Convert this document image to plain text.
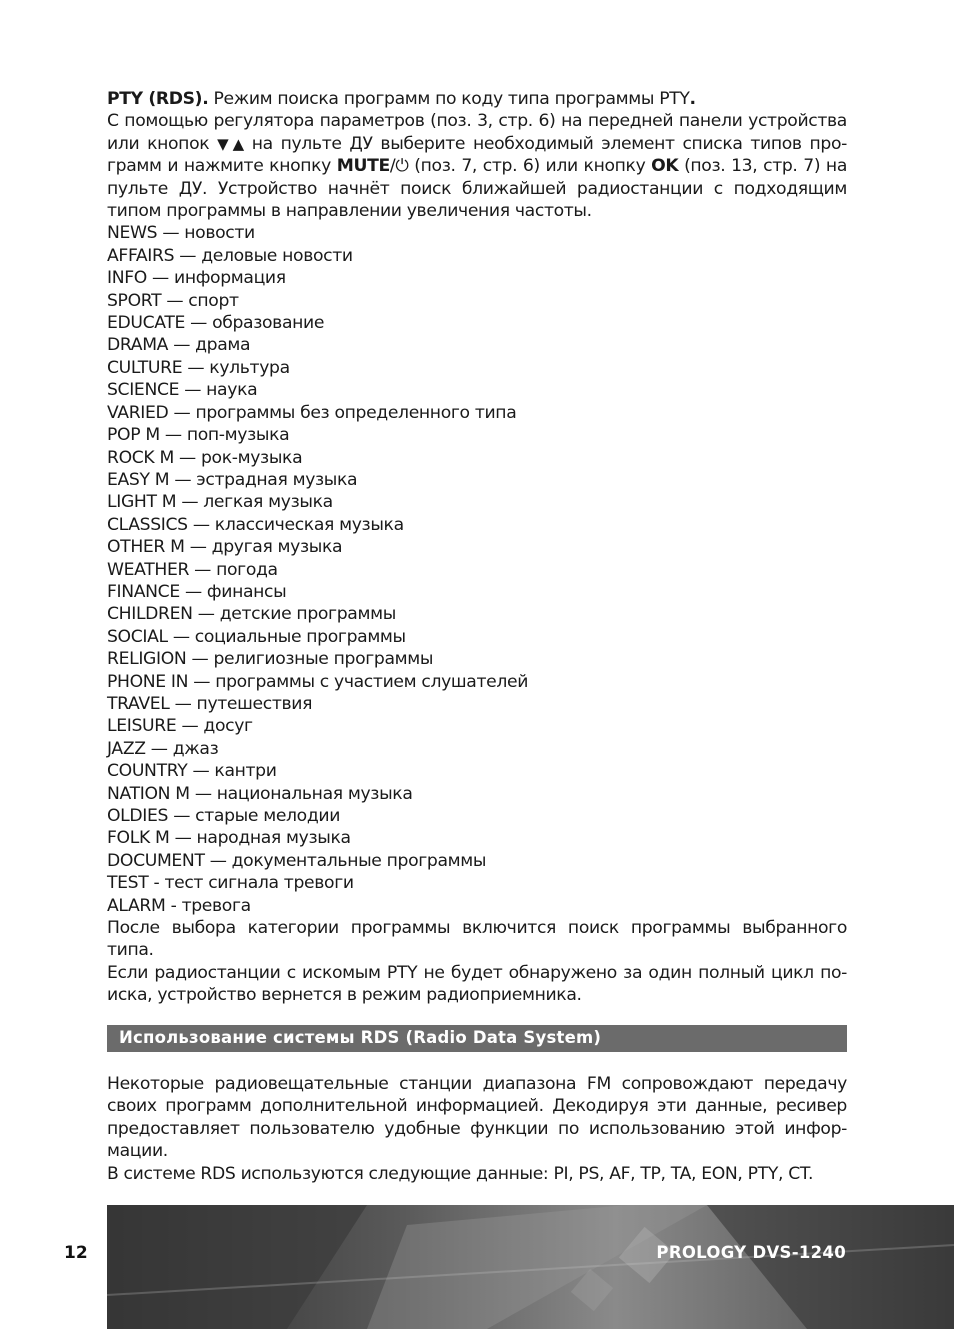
PTY (RDS). Режим поиска программ по коду типа программы PTY.
С помощью регулятора параметров (поз. 3, стр. 6) на передней панели устройства или кнопок ▼ ▲ на пульте ДУ выберите необходимый элемент списка типов про-грамм и нажмите кнопку MUTE/⏻ (поз. 7, стр. 6) или кнопку OK (поз. 13, стр. 7) на пульте ДУ. Устройство начнёт поиск ближайшей радиостанции с подходящим типом программы в направлении увеличения частоты.

NEWS — новости

AFFAIRS — деловые новости

INFO — информация

SPORT — спорт

EDUCATE — образование

DRAMA — драма

CULTURE — культура

SCIENCE — наука

VARIED — программы без определенного типа

POP M — поп-музыка

ROCK M — рок-музыка

EASY M — эстрадная музыка

LIGHT M — легкая музыка

CLASSICS — классическая музыка

OTHER M — другая музыка

WEATHER — погода

FINANCE — финансы

CHILDREN — детские программы

SOCIAL — социальные программы

RELIGION — религиозные программы

PHONE IN — программы с участием слушателей

TRAVEL — путешествия

LEISURE — досуг

JAZZ — джаз

COUNTRY — кантри

NATION M — национальная музыка

OLDIES — старые мелодии

FOLK M — народная музыка

DOCUMENT — документальные программы

TEST - тест сигнала тревоги

ALARM - тревога

После выбора категории программы включится поиск программы выбранного типа.

Если радиостанции с искомым PTY не будет обнаружено за один полный цикл по-иска, устройство вернется в режим радиоприемника.

Использование системы RDS (Radio Data System)

Некоторые радиовещательные станции диапазона FM сопровождают передачу своих программ дополнительной информацией. Декодируя эти данные, ресивер предоставляет пользователю удобные функции по использованию этой инфор-мации.

В системе RDS используются следующие данные: PI, PS, AF, TP, TA, EON, PTY, CT.

12	PROLOGY DVS-1240
